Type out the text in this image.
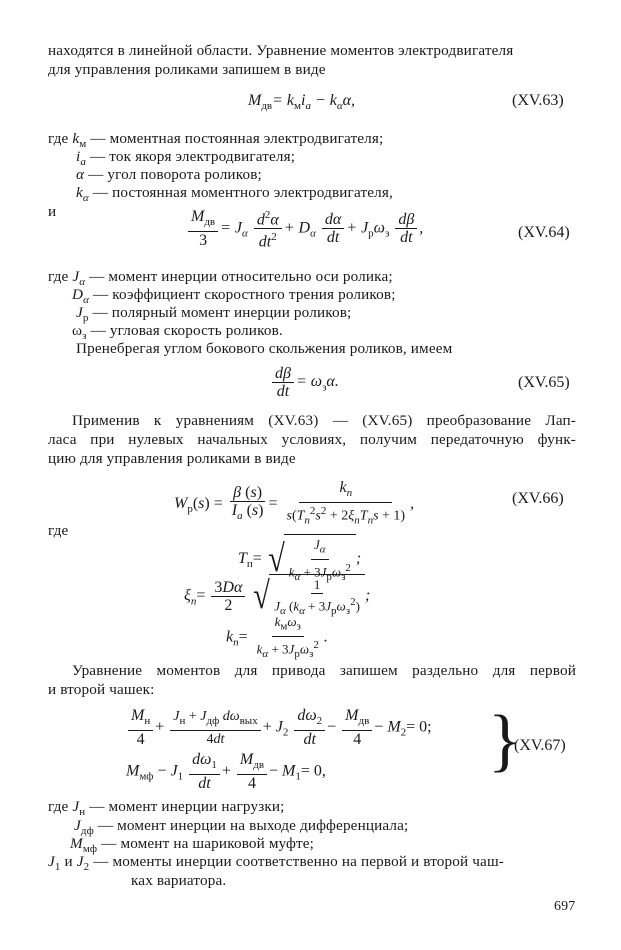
находятся в линейной области. Уравнение моментов электродвигателя
для управления роликами запишем в виде
$M_{дв}= k_мi_a - k_\alpha\alpha$,	(XV.63)
где $k_м$ — моментная постоянная электродвигателя;
$i_a$ — ток якоря электродвигателя;
α — угол поворота роликов;
$k_\alpha$ — постоянная моментного электродвигателя,
и	$\frac{M_{дв}}{3} = J_\alpha \frac{d^2\alpha}{dt^2} + D_\alpha \frac{d\alpha}{dt} + J_р\omega_з \frac{d\beta}{dt}$ ,	(XV.64)
где $J_\alpha$ — момент инерции относительно оси ролика;
$D_\alpha$ — коэффициент скоростного трения роликов;
$J_р$ — полярный момент инерции роликов;
$\omega_з$ — угловая скорость роликов.
Пренебрегая углом бокового скольжения роликов, имеем
$\frac{d\beta}{dt} = \omega_з\alpha$.	(XV.65)
Применив к уравнениям (XV.63) — (XV.65) преобразование Лап-
ласа при нулевых начальных условиях, получим передаточную функ-
цию для управления роликами в виде
$W_р(s) = \frac{\beta (s)}{I_a (s)} = \frac{k_п}{s(T_п^2s^2 + 2\xi_пT_пs + 1)}$ ,	(XV.66)
где
$T_п=$ √ $\frac{J_\alpha}{k_\alpha + 3J_р\omega_з^2}$ ;
$\xi_п= \frac{3D\alpha}{2}$
√ $\frac{1}{J_\alpha (k_\alpha + 3J_р\omega_з^2)}$ ;
$k_п= \frac{k_м\omega_з}{k_\alpha + 3J_р\omega_з^2}$ .
Уравнение моментов для привода запишем раздельно для первой
и второй чашек:
$\frac{M_н}{4} + \frac{J_н + J_{дф} d\omega_{вых}}{4dt} + J_2 \frac{d\omega_2}{dt} - \frac{M_{дв}}{4} - M_2= 0$;
$M_{мф} - J_1 \frac{d\omega_1}{dt} + \frac{M_{дв}}{4} - M_1= 0$, }
(XV.67)
где $J_н$ — момент инерции нагрузки;
$J_{дф}$ — момент инерции на выходе дифференциала;
$M_{мф}$ — момент на шариковой муфте;
$J_1$ и $J_2$ — моменты инерции соответственно на первой и второй чаш-
ках вариатора.
697
